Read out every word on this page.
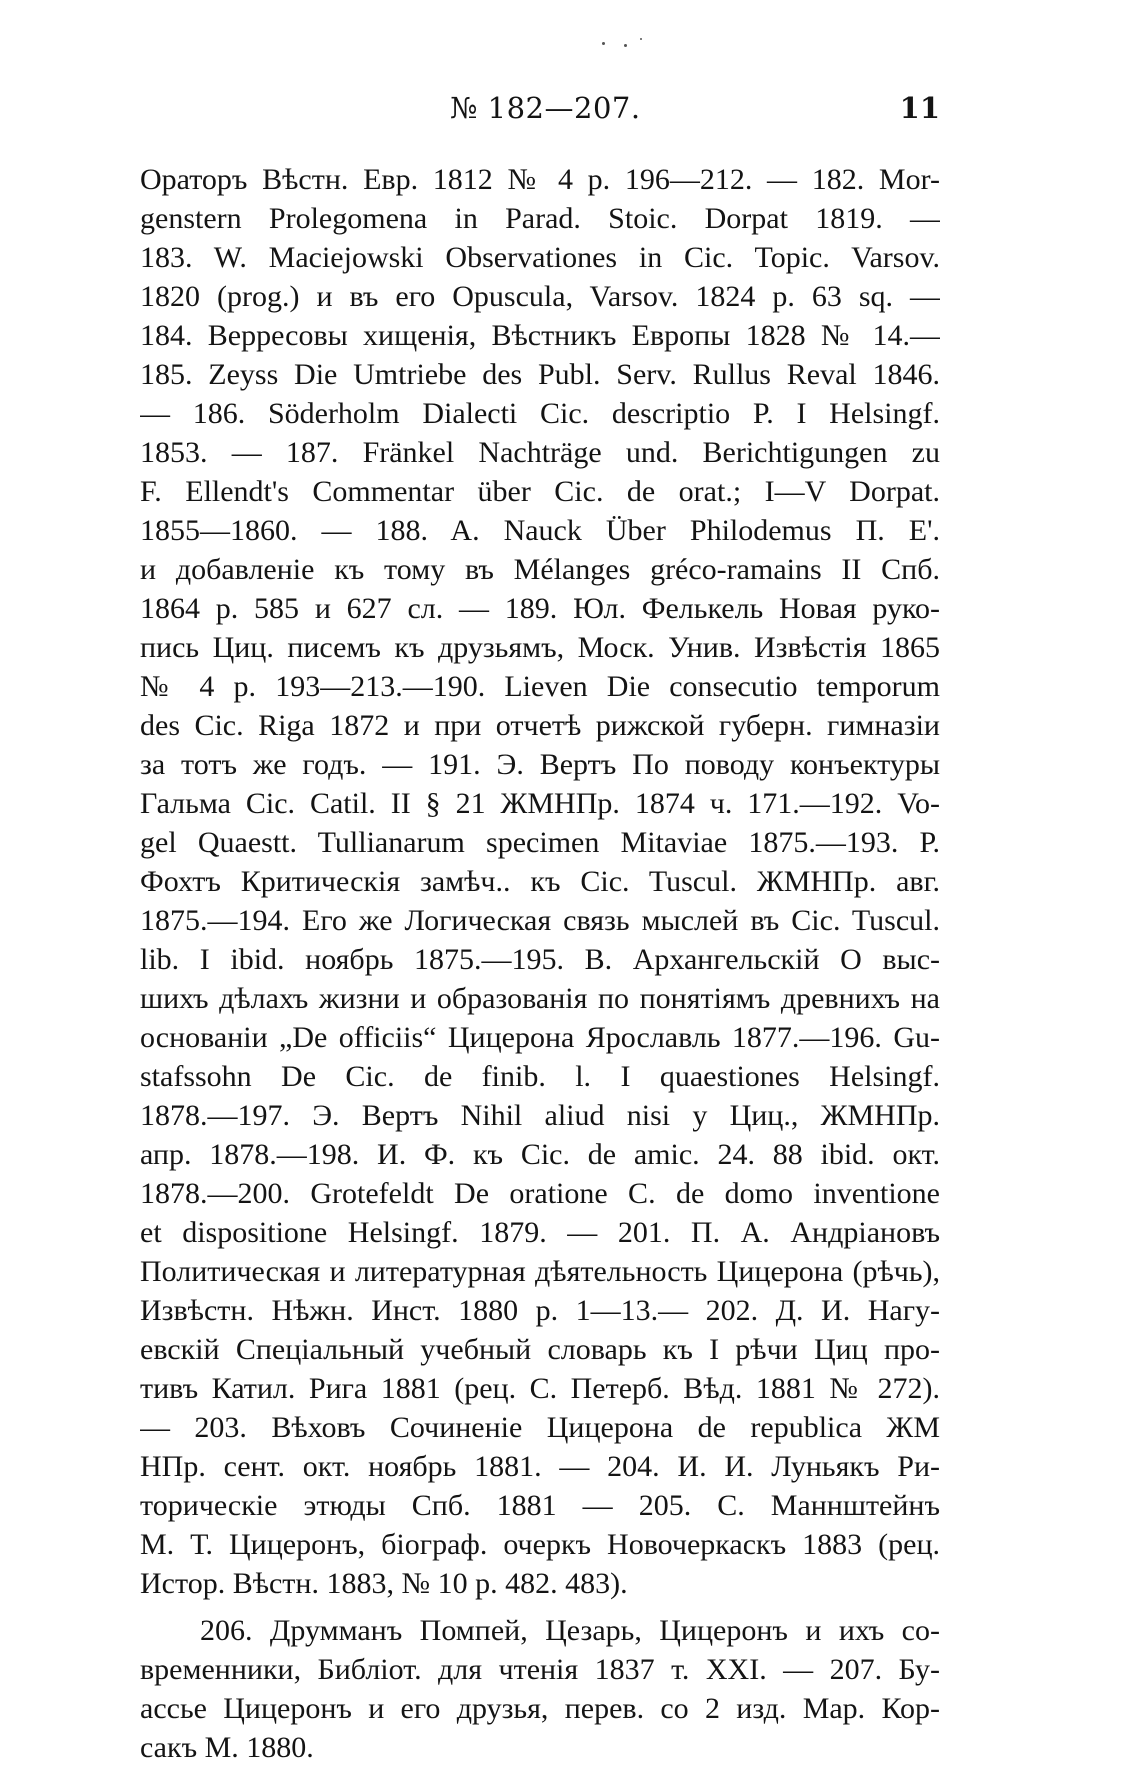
№ 182—207.	11
Ораторъ Вѣстн. Евр. 1812 № 4 р. 196—212. — 182. Mor-
genstern Prolegomena in Parad. Stoic. Dorpat 1819. —
183. W. Maciejowski Observationes in Cic. Topic. Varsov.
1820 (prog.) и въ его Opuscula, Varsov. 1824 p. 63 sq. —
184. Верресовы хищенія, Вѣстникъ Европы 1828 № 14.—
185. Zeyss Die Umtriebe des Publ. Serv. Rullus Reval 1846.
— 186. Söderholm Dialecti Cic. descriptio P. I Helsingf.
1853. — 187. Fränkel Nachträge und. Berichtigungen zu
F. Ellendt's Commentar über Cic. de orat.; I—V Dorpat.
1855—1860. — 188. A. Nauck Über Philodemus П. Е'.
и добавленіе къ тому въ Mélanges gréco-ramains II Спб.
1864 р. 585 и 627 сл. — 189. Юл. Фелькель Новая руко-
пись Циц. писемъ къ друзьямъ, Моск. Унив. Извѣстія 1865
№ 4 р. 193—213.—190. Lieven Die consecutio temporum
des Cic. Riga 1872 и при отчетѣ рижской губерн. гимназіи
за тотъ же годъ. — 191. Э. Вертъ По поводу конъектуры
Гальма Cic. Catil. II § 21 ЖМНПр. 1874 ч. 171.—192. Vo-
gel Quaestt. Tullianarum specimen Mitaviae 1875.—193. Р.
Фохтъ Критическія замѣч.. къ Cic. Tuscul. ЖМНПр. авг.
1875.—194. Его же Логическая связь мыслей въ Cic. Tuscul.
lib. I ibid. ноябрь 1875.—195. В. Архангельскій О выс-
шихъ дѣлахъ жизни и образованія по понятіямъ древнихъ на
основаніи „De officiis“ Цицерона Ярославль 1877.—196. Gu-
stafssohn De Cic. de finib. l. I quaestiones Helsingf.
1878.—197. Э. Вертъ Nihil aliud nisi у Циц., ЖМНПр.
апр. 1878.—198. И. Ф. къ Cic. de amic. 24. 88 ibid. окт.
1878.—200. Grotefeldt De oratione C. de domo inventione
et dispositione Helsingf. 1879. — 201. П. А. Андріановъ
Политическая и литературная дѣятельность Цицерона (рѣчь),
Извѣстн. Нѣжн. Инст. 1880 р. 1—13.— 202. Д. И. Нагу-
евскій Спеціальный учебный словарь къ I рѣчи Циц про-
тивъ Катил. Рига 1881 (рец. С. Петерб. Вѣд. 1881 № 272).
— 203. Вѣховъ Сочиненіе Цицерона de republica ЖМ
НПр. сент. окт. ноябрь 1881. — 204. И. И. Луньякъ Ри-
торическіе этюды Спб. 1881 — 205. С. Маннштейнъ
М. Т. Цицеронъ, біограф. очеркъ Новочеркаскъ 1883 (рец.
Истор. Вѣстн. 1883, № 10 р. 482. 483).
206. Друмманъ Помпей, Цезарь, Цицеронъ и ихъ со-
временники, Библіот. для чтенія 1837 т. XXI. — 207. Бу-
ассье Цицеронъ и его друзья, перев. со 2 изд. Мар. Кор-
сакъ М. 1880.
